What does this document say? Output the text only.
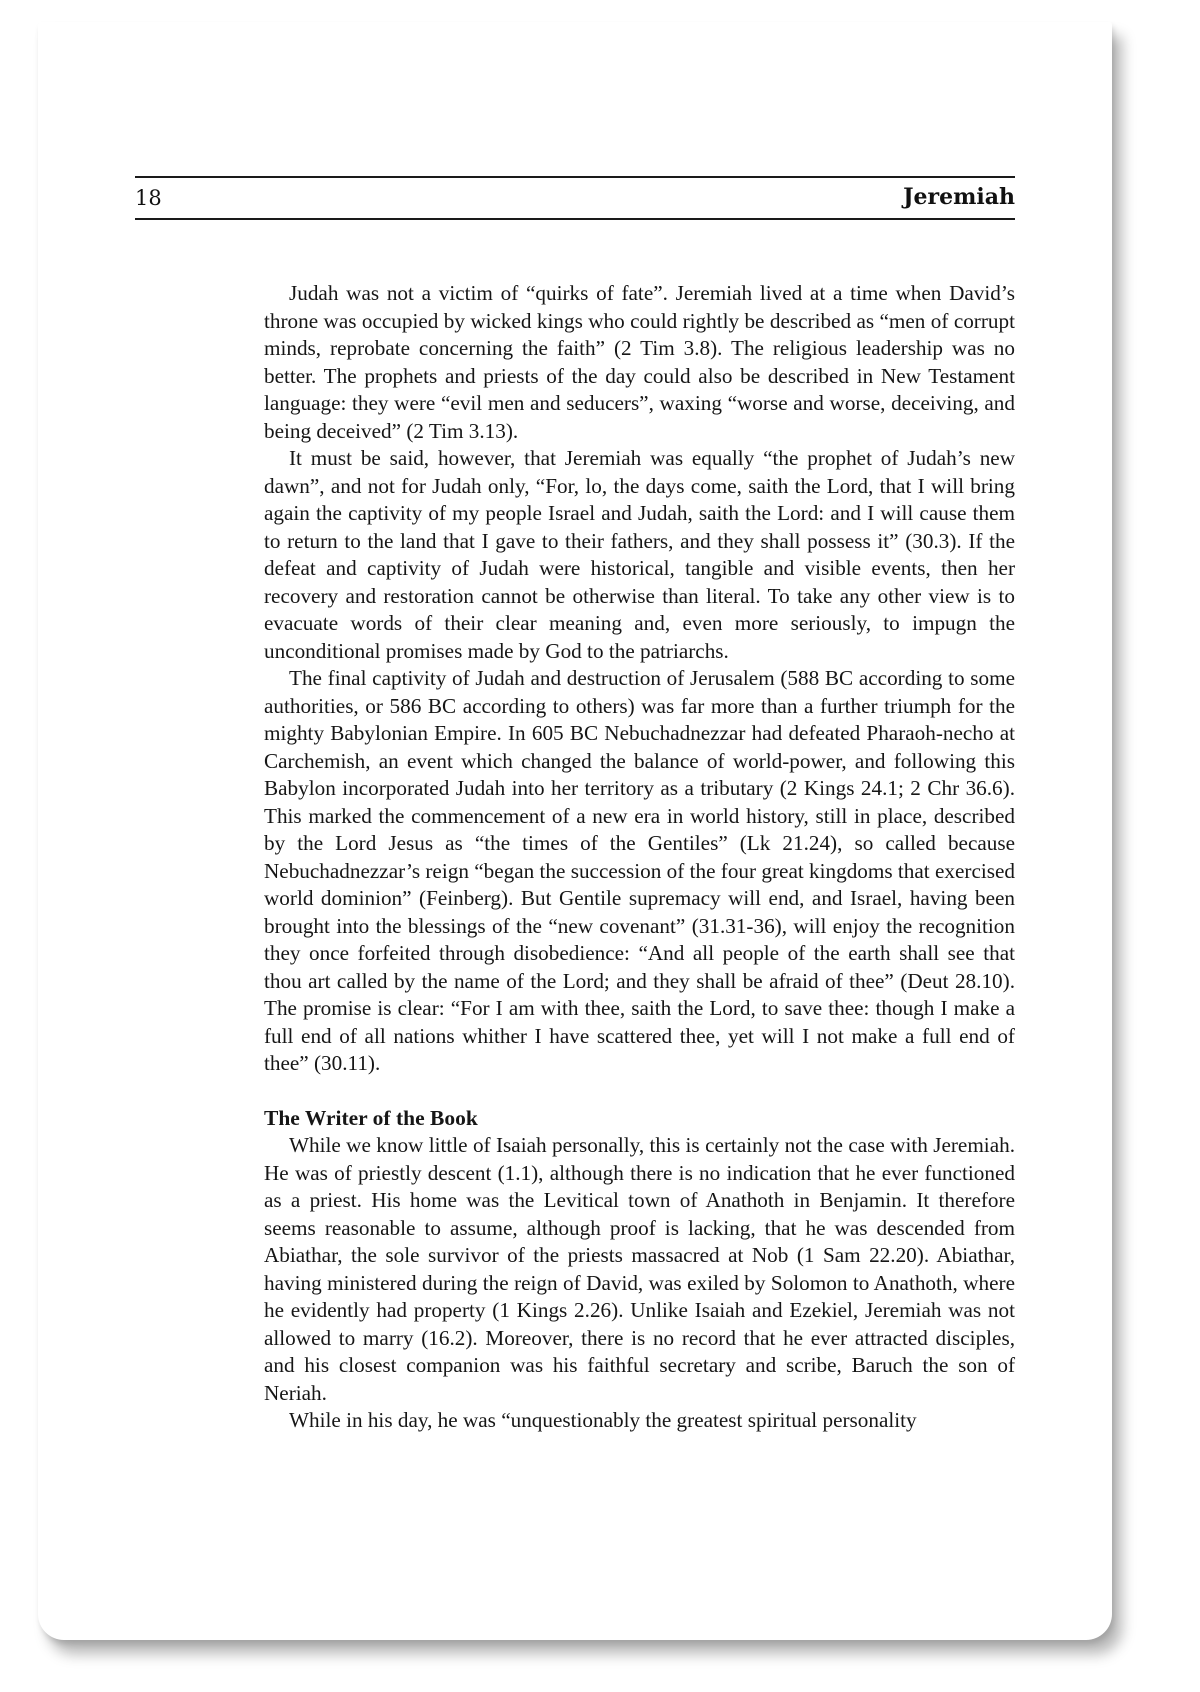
18	Jeremiah

Judah was not a victim of “quirks of fate”. Jeremiah lived at a time when David’s throne was occupied by wicked kings who could rightly be described as “men of corrupt minds, reprobate concerning the faith” (2 Tim 3.8). The religious leadership was no better. The prophets and priests of the day could also be described in New Testament language: they were “evil men and seducers”, waxing “worse and worse, deceiving, and being deceived” (2 Tim 3.13).

It must be said, however, that Jeremiah was equally “the prophet of Judah’s new dawn”, and not for Judah only, “For, lo, the days come, saith the Lord, that I will bring again the captivity of my people Israel and Judah, saith the Lord: and I will cause them to return to the land that I gave to their fathers, and they shall possess it” (30.3). If the defeat and captivity of Judah were historical, tangible and visible events, then her recovery and restoration cannot be otherwise than literal. To take any other view is to evacuate words of their clear meaning and, even more seriously, to impugn the unconditional promises made by God to the patriarchs.

The final captivity of Judah and destruction of Jerusalem (588 BC according to some authorities, or 586 BC according to others) was far more than a further triumph for the mighty Babylonian Empire. In 605 BC Nebuchadnezzar had defeated Pharaoh-necho at Carchemish, an event which changed the balance of world-power, and following this Babylon incorporated Judah into her territory as a tributary (2 Kings 24.1; 2 Chr 36.6). This marked the commencement of a new era in world history, still in place, described by the Lord Jesus as “the times of the Gentiles” (Lk 21.24), so called because Nebuchadnezzar’s reign “began the succession of the four great kingdoms that exercised world dominion” (Feinberg). But Gentile supremacy will end, and Israel, having been brought into the blessings of the “new covenant” (31.31-36), will enjoy the recognition they once forfeited through disobedience: “And all people of the earth shall see that thou art called by the name of the Lord; and they shall be afraid of thee” (Deut 28.10). The promise is clear: “For I am with thee, saith the Lord, to save thee: though I make a full end of all nations whither I have scattered thee, yet will I not make a full end of thee” (30.11).

The Writer of the Book

While we know little of Isaiah personally, this is certainly not the case with Jeremiah. He was of priestly descent (1.1), although there is no indication that he ever functioned as a priest. His home was the Levitical town of Anathoth in Benjamin. It therefore seems reasonable to assume, although proof is lacking, that he was descended from Abiathar, the sole survivor of the priests massacred at Nob (1 Sam 22.20). Abiathar, having ministered during the reign of David, was exiled by Solomon to Anathoth, where he evidently had property (1 Kings 2.26). Unlike Isaiah and Ezekiel, Jeremiah was not allowed to marry (16.2). Moreover, there is no record that he ever attracted disciples, and his closest companion was his faithful secretary and scribe, Baruch the son of Neriah.

While in his day, he was “unquestionably the greatest spiritual personality
